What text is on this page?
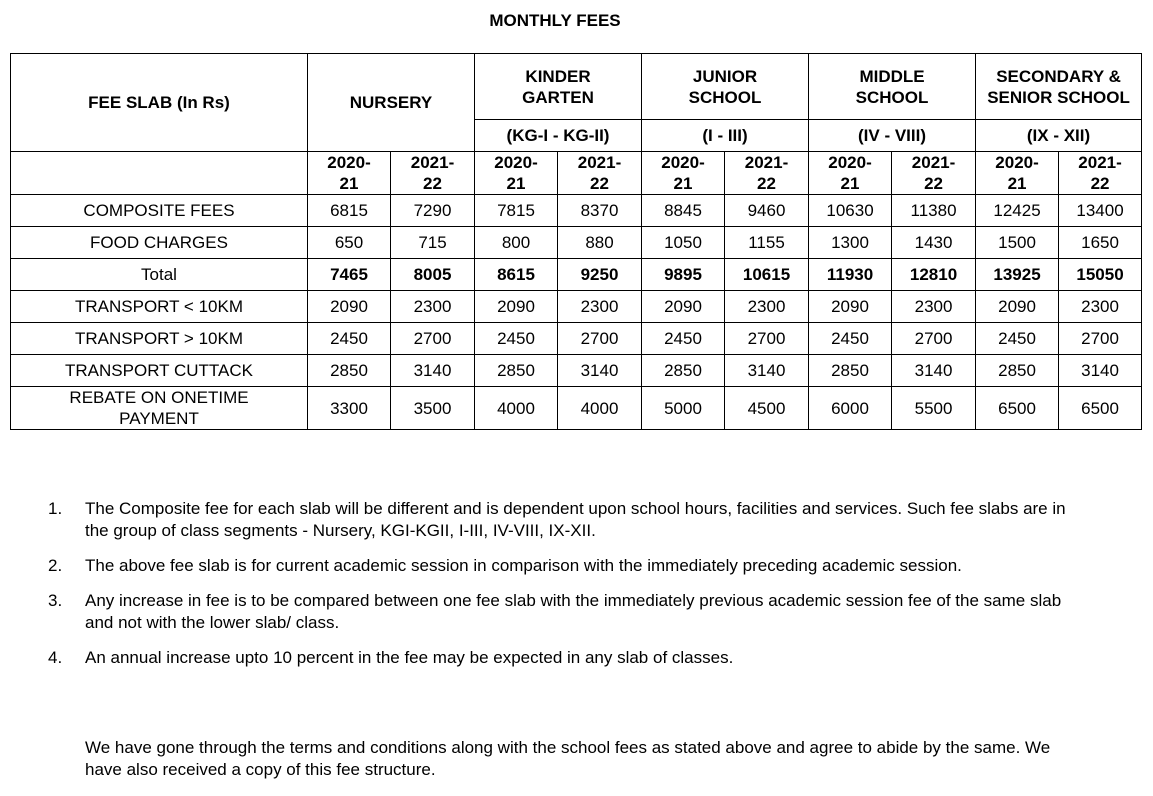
MONTHLY FEES
FEE SLAB (In Rs)	NURSERY		KINDER GARTEN		JUNIOR SCHOOL		MIDDLE SCHOOL		SECONDARY & SENIOR SCHOOL	
			(KG-I - KG-II)		(I - III)		(IV - VIII)		(IX - XII)	
	2020-21	2021-22	2020-21	2021-22	2020-21	2021-22	2020-21	2021-22	2020-21	2021-22
COMPOSITE FEES	6815	7290	7815	8370	8845	9460	10630	11380	12425	13400
FOOD CHARGES	650	715	800	880	1050	1155	1300	1430	1500	1650
Total	7465	8005	8615	9250	9895	10615	11930	12810	13925	15050
TRANSPORT < 10KM	2090	2300	2090	2300	2090	2300	2090	2300	2090	2300
TRANSPORT > 10KM	2450	2700	2450	2700	2450	2700	2450	2700	2450	2700
TRANSPORT CUTTACK	2850	3140	2850	3140	2850	3140	2850	3140	2850	3140
REBATE ON ONETIME PAYMENT	3300	3500	4000	4000	5000	4500	6000	5500	6500	6500
1. The Composite fee for each slab will be different and is dependent upon school hours, facilities and services. Such fee slabs are in the group of class segments - Nursery, KGI-KGII, I-III, IV-VIII, IX-XII.
2. The above fee slab is for current academic session in comparison with the immediately preceding academic session.
3. Any increase in fee is to be compared between one fee slab with the immediately previous academic session fee of the same slab and not with the lower slab/ class.
4. An annual increase upto 10 percent in the fee may be expected in any slab of classes.
We have gone through the terms and conditions along with the school fees as stated above and agree to abide by the same. We have also received a copy of this fee structure.
